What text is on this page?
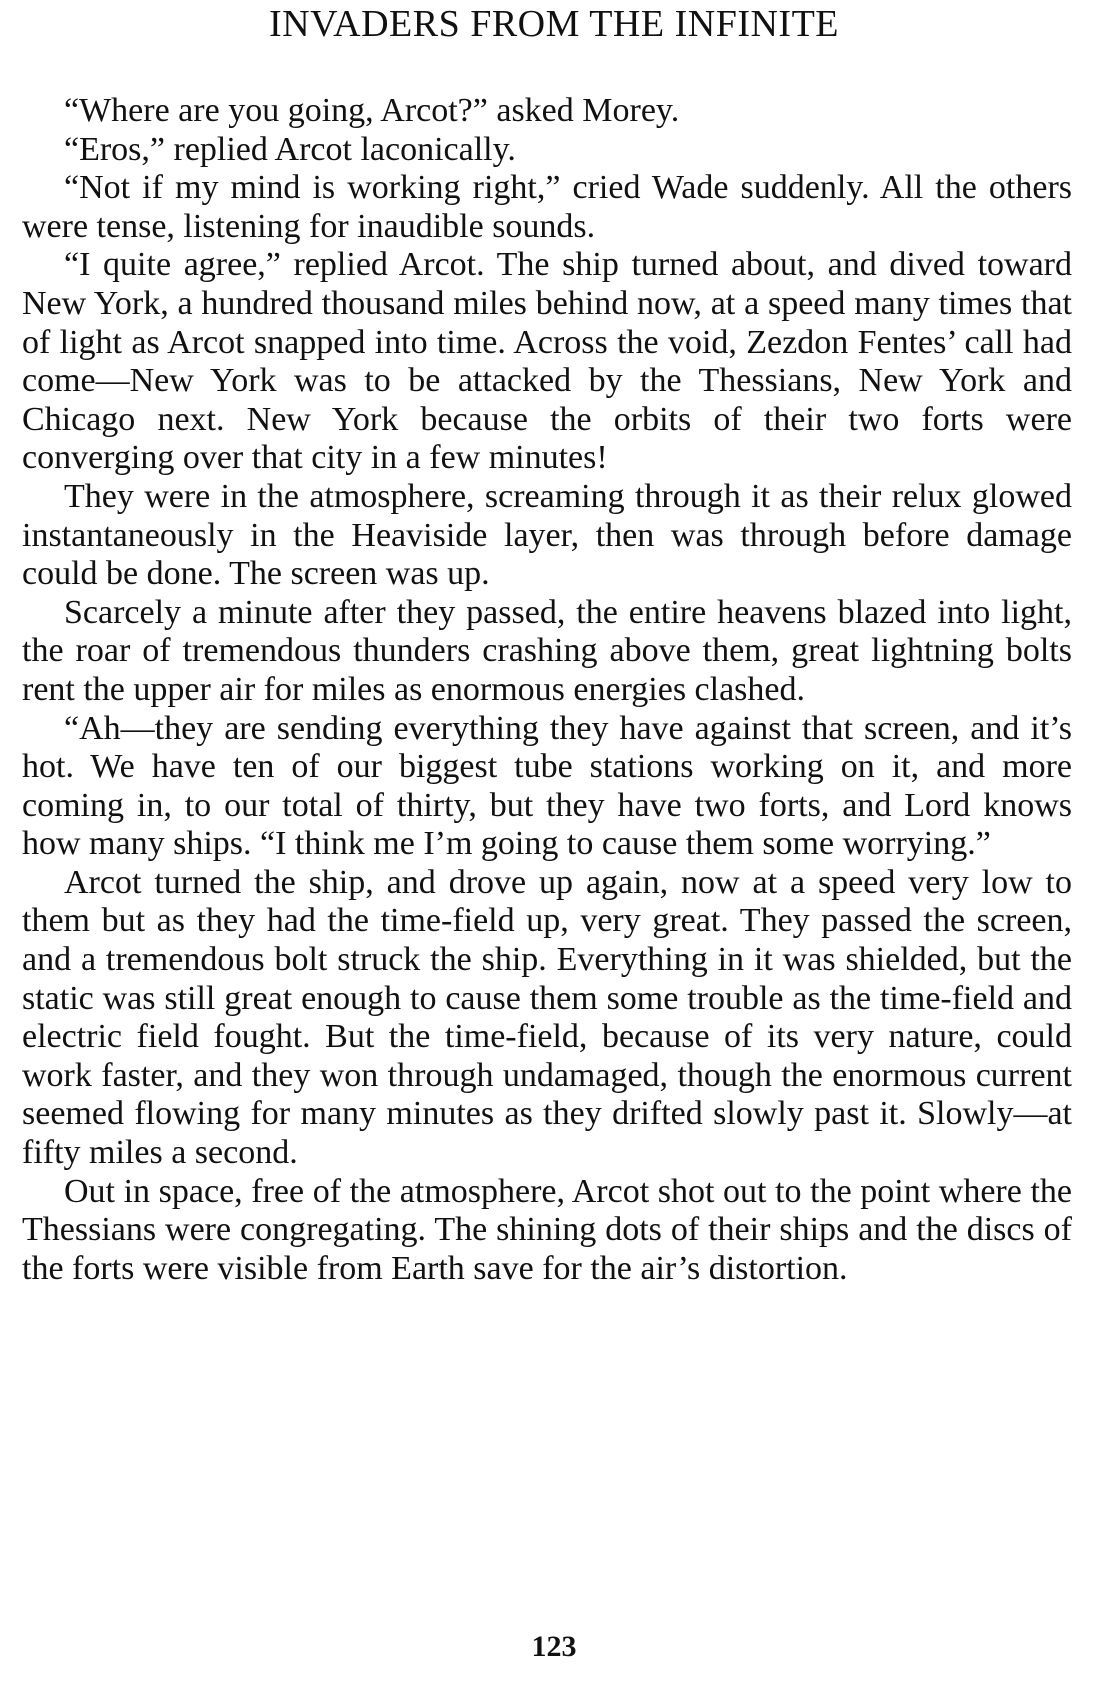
INVADERS FROM THE INFINITE

“Where are you going, Arcot?” asked Morey.

“Eros,” replied Arcot laconically.

“Not if my mind is working right,” cried Wade suddenly. All the others were tense, listening for inaudible sounds.

“I quite agree,” replied Arcot. The ship turned about, and dived toward New York, a hundred thousand miles behind now, at a speed many times that of light as Arcot snapped into time. Across the void, Zezdon Fentes’ call had come—New York was to be attacked by the Thessians, New York and Chicago next. New York because the orbits of their two forts were converging over that city in a few minutes!

They were in the atmosphere, screaming through it as their relux glowed instantaneously in the Heaviside layer, then was through before damage could be done. The screen was up.

Scarcely a minute after they passed, the entire heavens blazed into light, the roar of tremendous thunders crashing above them, great lightning bolts rent the upper air for miles as enormous energies clashed.

“Ah—they are sending everything they have against that screen, and it’s hot. We have ten of our biggest tube stations working on it, and more coming in, to our total of thirty, but they have two forts, and Lord knows how many ships. “I think me I’m going to cause them some worrying.”

Arcot turned the ship, and drove up again, now at a speed very low to them but as they had the time-field up, very great. They passed the screen, and a tremendous bolt struck the ship. Everything in it was shielded, but the static was still great enough to cause them some trouble as the time-field and electric field fought. But the time-field, because of its very nature, could work faster, and they won through undamaged, though the enormous current seemed flowing for many minutes as they drifted slowly past it. Slowly—at fifty miles a second.

Out in space, free of the atmosphere, Arcot shot out to the point where the Thessians were congregating. The shining dots of their ships and the discs of the forts were visible from Earth save for the air’s distortion.

123
